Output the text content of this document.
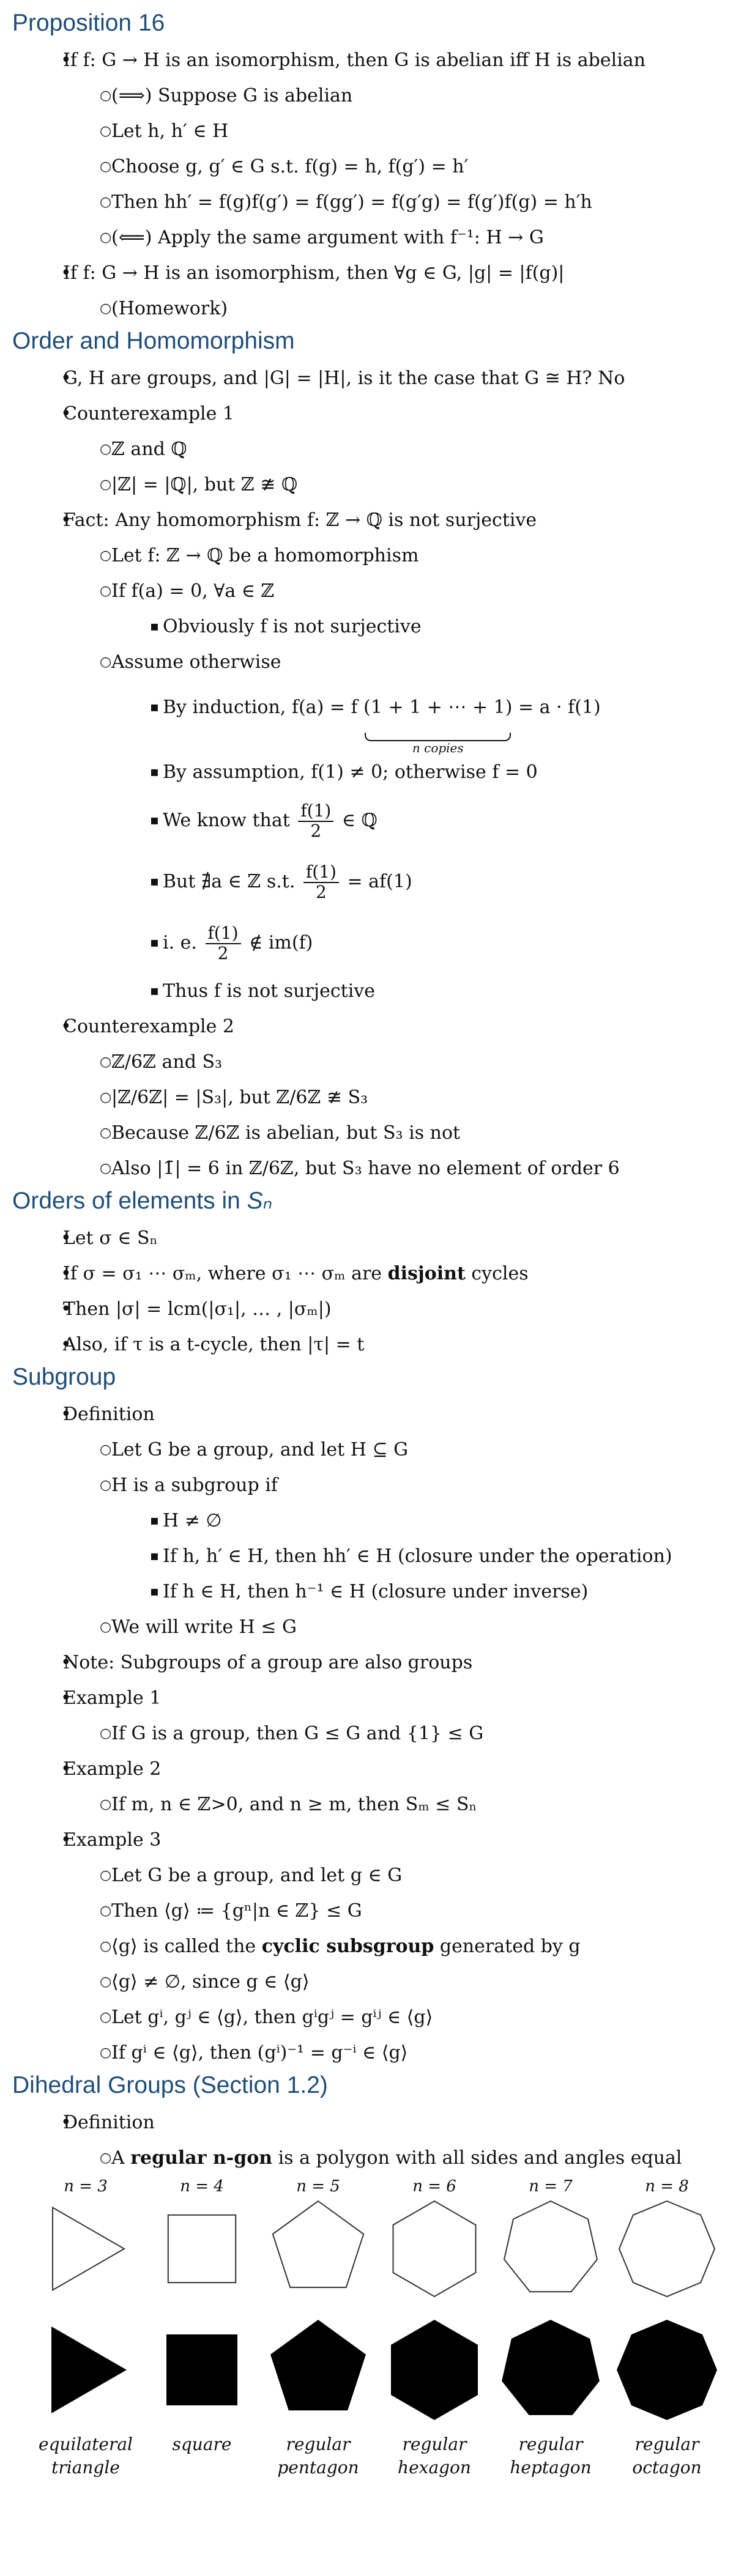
Proposition 16
• If f: G → H is an isomorphism, then G is abelian iff H is abelian
○ (⟹) Suppose G is abelian
○ Let h, h′ ∈ H
○ Choose g, g′ ∈ G s.t. f(g) = h, f(g′) = h′
○ Then hh′ = f(g)f(g′) = f(gg′) = f(g′g) = f(g′)f(g) = h′h
○ (⟸) Apply the same argument with f⁻¹: H → G
• If f: G → H is an isomorphism, then ∀g ∈ G, |g| = |f(g)|
○ (Homework)
Order and Homomorphism
• G, H are groups, and |G| = |H|, is it the case that G ≅ H? No
• Counterexample 1
○ ℤ and ℚ
○ |ℤ| = |ℚ|, but ℤ ≇ ℚ
• Fact: Any homomorphism f: ℤ → ℚ is not surjective
○ Let f: ℤ → ℚ be a homomorphism
○ If f(a) = 0, ∀a ∈ ℤ
▪ Obviously f is not surjective
○ Assume otherwise
▪ By induction, f(a) = f (1 + 1 + ⋯ + 1)
n copies
= a · f(1)
▪ By assumption, f(1) ≠ 0; otherwise f = 0
▪ We know that $\frac{f(1)}{2}$ ∈ ℚ
▪ But ∄a ∈ ℤ s.t. $\frac{f(1)}{2} = af(1)$
▪ i. e. $\frac{f(1)}{2}$ ∉ im(f)
▪ Thus f is not surjective
• Counterexample 2
○ ℤ/6ℤ and S₃
○ |ℤ/6ℤ| = |S₃|, but ℤ/6ℤ ≇ S₃
○ Because ℤ/6ℤ is abelian, but S₃ is not
○ Also |1̄| = 6 in ℤ/6ℤ, but S₃ have no element of order 6
Orders of elements in Sₙ
• Let σ ∈ Sₙ
• If σ = σ₁ ⋯ σₘ, where σ₁ ⋯ σₘ are disjoint cycles
• Then |σ| = lcm(|σ₁|, … , |σₘ|)
• Also, if τ is a t-cycle, then |τ| = t
Subgroup
• Definition
○ Let G be a group, and let H ⊆ G
○ H is a subgroup if
▪ H ≠ ∅
▪ If h, h′ ∈ H, then hh′ ∈ H (closure under the operation)
▪ If h ∈ H, then h⁻¹ ∈ H (closure under inverse)
○ We will write H ≤ G
• Note: Subgroups of a group are also groups
• Example 1
○ If G is a group, then G ≤ G and {1} ≤ G
• Example 2
○ If m, n ∈ ℤ>0, and n ≥ m, then Sₘ ≤ Sₙ
• Example 3
○ Let G be a group, and let g ∈ G
○ Then ⟨g⟩ ≔ {gⁿ|n ∈ ℤ} ≤ G
○ ⟨g⟩ is called the cyclic subsgroup generated by g
○ ⟨g⟩ ≠ ∅, since g ∈ ⟨g⟩
○ Let gⁱ, gʲ ∈ ⟨g⟩, then gⁱgʲ = gⁱʲ ∈ ⟨g⟩
○ If gⁱ ∈ ⟨g⟩, then (gⁱ)⁻¹ = g⁻ⁱ ∈ ⟨g⟩
Dihedral Groups (Section 1.2)
• Definition
○ A regular n-gon is a polygon with all sides and angles equal
n = 3
equilateral
triangle
n = 4
square
n = 5
regular
pentagon
n = 6
regular
hexagon
n = 7
regular
heptagon
n = 8
regular
octagon
